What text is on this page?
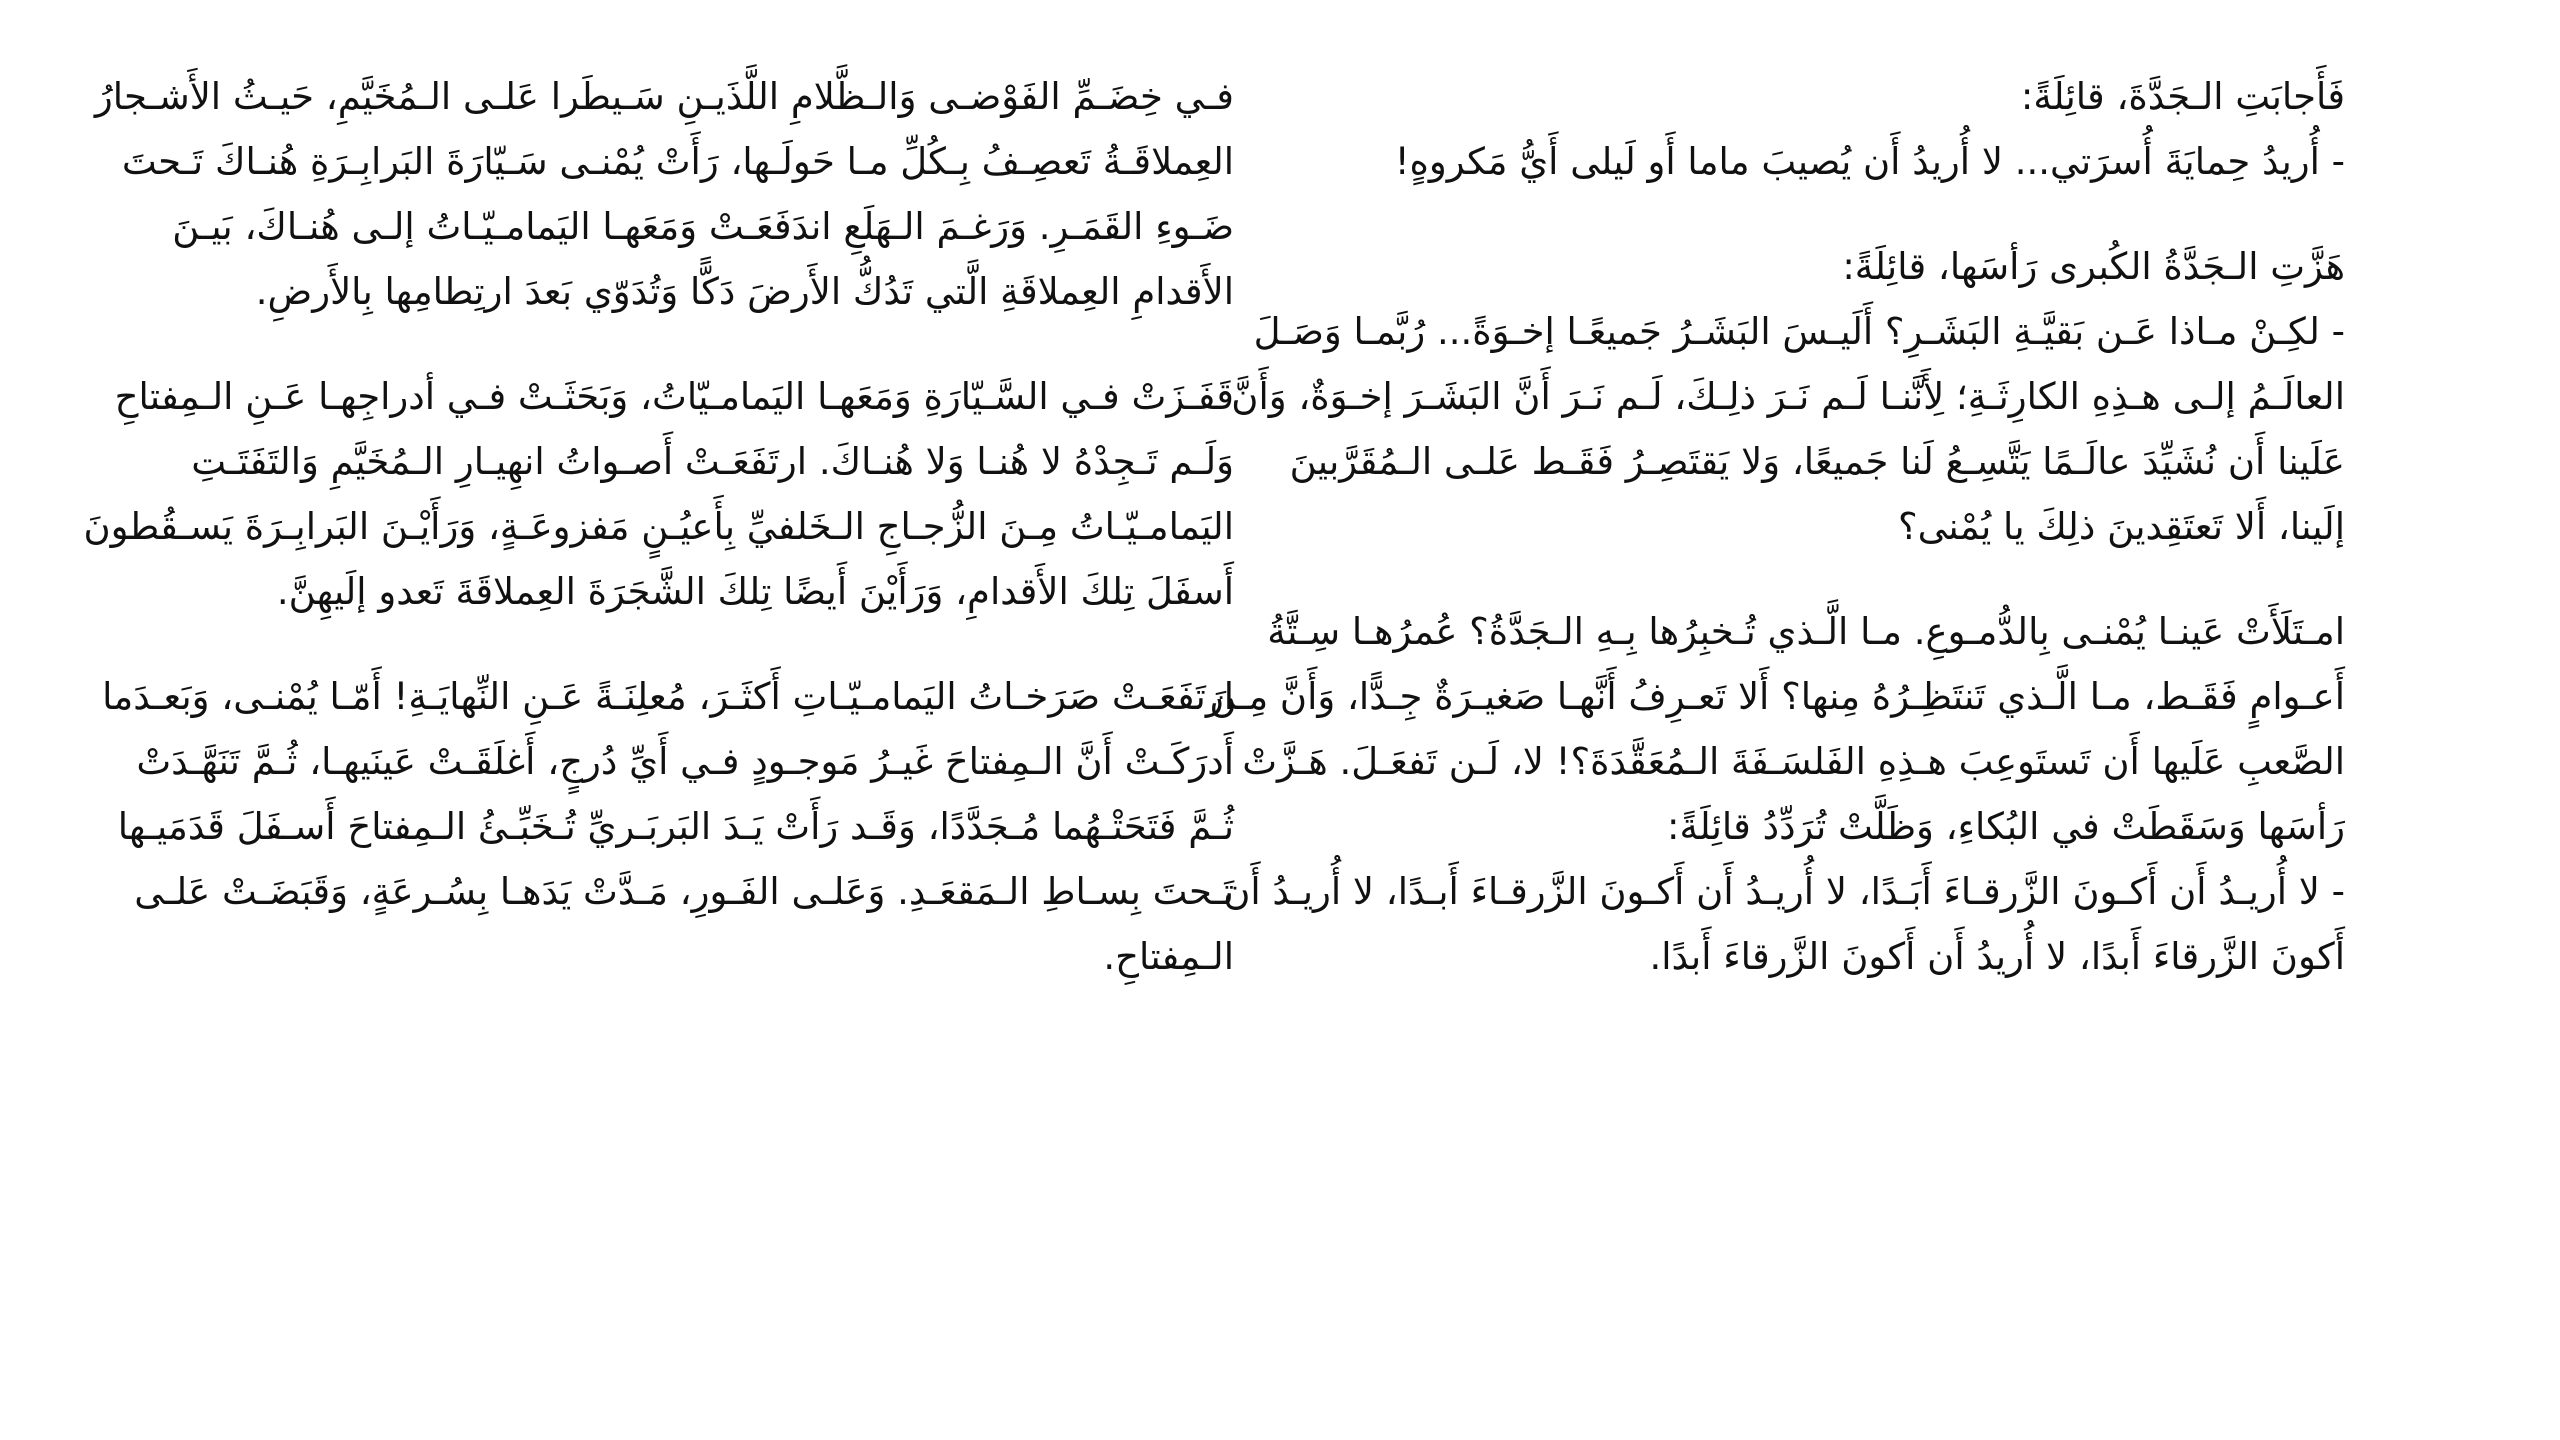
فـي خِضَـمِّ الفَوْضـى وَالـظَّلامِ اللَّذَيـنِ سَـيطَرا عَلـى الـمُخَيَّمِ، حَيـثُ الأَشـجارُ
العِملاقَـةُ تَعصِـفُ بِـكُلِّ مـا حَولَـها، رَأَتْ يُمْنـى سَـيّارَةَ البَرابِـرَةِ هُنـاكَ تَـحتَ
ضَـوءِ القَمَـرِ. وَرَغـمَ الـهَلَعِ اندَفَعَـتْ وَمَعَهـا اليَمامـيّـاتُ إلـى هُنـاكَ، بَيـنَ
الأَقدامِ العِملاقَةِ الَّتي تَدُكُّ الأَرضَ دَكًّا وَتُدَوّي بَعدَ ارتِطامِها بِالأَرضِ.
قَفَـزَتْ فـي السَّـيّارَةِ وَمَعَهـا اليَمامـيّاتُ، وَبَحَثَـتْ فـي أدراجِهـا عَـنِ الـمِفتاحِ
وَلَـم تَـجِدْهُ لا هُنـا وَلا هُنـاكَ. ارتَفَعَـتْ أَصـواتُ انهِيـارِ الـمُخَيَّمِ وَالتَفَتَـتِ
اليَمامـيّـاتُ مِـنَ الزُّجـاجِ الـخَلفيِّ بِأَعيُـنٍ مَفزوعَـةٍ، وَرَأَيْـنَ البَرابِـرَةَ يَسـقُطونَ
أَسفَلَ تِلكَ الأَقدامِ، وَرَأَيْنَ أَيضًا تِلكَ الشَّجَرَةَ العِملاقَةَ تَعدو إلَيهِنَّ.
ارتَفَعَـتْ صَرَخـاتُ اليَمامـيّـاتِ أَكثَـرَ، مُعلِنَـةً عَـنِ النِّهايَـةِ! أَمّـا يُمْنـى، وَبَعـدَما
أَدرَكَـتْ أَنَّ الـمِفتاحَ غَيـرُ مَوجـودٍ فـي أَيِّ دُرجٍ، أَغلَقَـتْ عَينَيهـا، ثُـمَّ تَنَهَّـدَتْ
ثُـمَّ فَتَحَتْـهُما مُـجَدَّدًا، وَقَـد رَأَتْ يَـدَ البَربَـريِّ تُـخَبِّـئُ الـمِفتاحَ أَسـفَلَ قَدَمَيـها
تَـحتَ بِسـاطِ الـمَقعَـدِ. وَعَلـى الفَـورِ، مَـدَّتْ يَدَهـا بِسُـرعَةٍ، وَقَبَضَـتْ عَلـى
الـمِفتاحِ.
فَأَجابَتِ الـجَدَّةَ، قائِلَةً:
- أُريدُ حِمايَةَ أُسرَتي... لا أُريدُ أَن يُصيبَ ماما أَو لَيلى أَيُّ مَكروهٍ!
هَزَّتِ الـجَدَّةُ الكُبرى رَأسَها، قائِلَةً:
- لكِـنْ مـاذا عَـن بَقيَّـةِ البَشَـرِ؟ أَلَيـسَ البَشَـرُ جَميعًـا إخـوَةً... رُبَّمـا وَصَـلَ
العالَـمُ إلـى هـذِهِ الكارِثَـةِ؛ لِأَنَّنـا لَـم نَـرَ ذلِـكَ، لَـم نَـرَ أَنَّ البَشَـرَ إخـوَةٌ، وَأَنَّ
عَلَينا أَن نُشَيِّدَ عالَـمًا يَتَّسِـعُ لَنا جَميعًا، وَلا يَقتَصِـرُ فَقَـط عَلـى الـمُقَرَّبينَ
إلَينا، أَلا تَعتَقِدينَ ذلِكَ يا يُمْنى؟
امـتَلَأَتْ عَينـا يُمْنـى بِالدُّمـوعِ. مـا الَّـذي تُـخبِرُها بِـهِ الـجَدَّةُ؟ عُمرُهـا سِـتَّةُ
أَعـوامٍ فَقَـط، مـا الَّـذي تَنتَظِـرُهُ مِنها؟ أَلا تَعـرِفُ أَنَّهـا صَغيـرَةٌ جِـدًّا، وَأَنَّ مِـنَ
الصَّعبِ عَلَيها أَن تَستَوعِبَ هـذِهِ الفَلسَـفَةَ الـمُعَقَّدَةَ؟! لا، لَـن تَفعَـلَ. هَـزَّتْ
رَأسَها وَسَقَطَتْ في البُكاءِ، وَظَلَّتْ تُرَدِّدُ قائِلَةً:
- لا أُريـدُ أَن أَكـونَ الزَّرقـاءَ أَبَـدًا، لا أُريـدُ أَن أَكـونَ الزَّرقـاءَ أَبـدًا، لا أُريـدُ أَن
أَكونَ الزَّرقاءَ أَبدًا، لا أُريدُ أَن أَكونَ الزَّرقاءَ أَبدًا.
